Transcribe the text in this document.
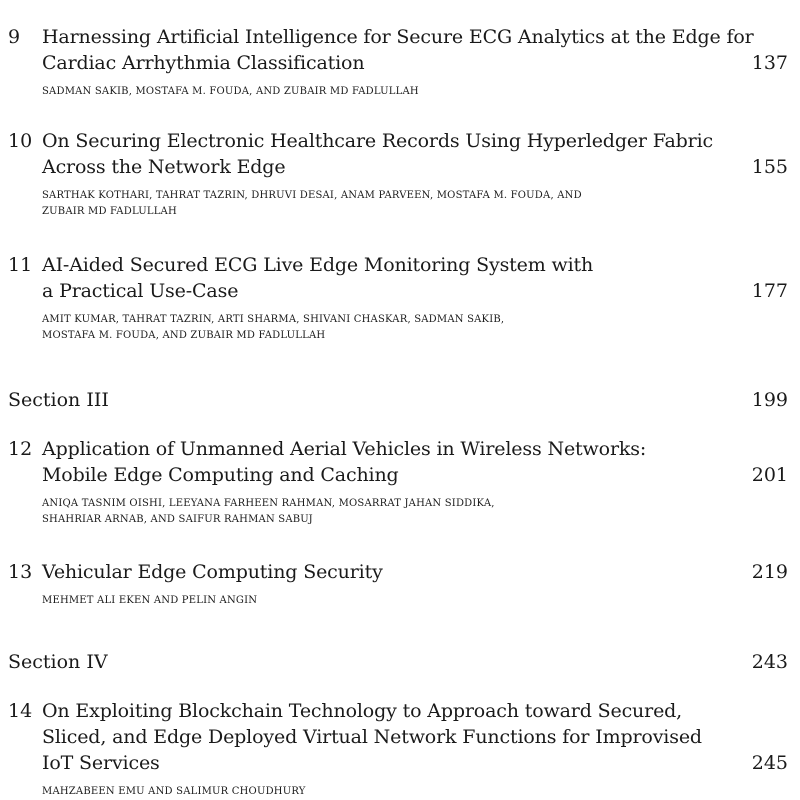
9 Harnessing Artificial Intelligence for Secure ECG Analytics at the Edge for
Cardiac Arrhythmia Classification	137
SADMAN SAKIB, MOSTAFA M. FOUDA, AND ZUBAIR MD FADLULLAH
10 On Securing Electronic Healthcare Records Using Hyperledger Fabric
Across the Network Edge	155
SARTHAK KOTHARI, TAHRAT TAZRIN, DHRUVI DESAI, ANAM PARVEEN, MOSTAFA M. FOUDA, AND
ZUBAIR MD FADLULLAH
11 AI-Aided Secured ECG Live Edge Monitoring System with
a Practical Use-Case	177
AMIT KUMAR, TAHRAT TAZRIN, ARTI SHARMA, SHIVANI CHASKAR, SADMAN SAKIB,
MOSTAFA M. FOUDA, AND ZUBAIR MD FADLULLAH
Section III	199
12 Application of Unmanned Aerial Vehicles in Wireless Networks:
Mobile Edge Computing and Caching	201
ANIQA TASNIM OISHI, LEEYANA FARHEEN RAHMAN, MOSARRAT JAHAN SIDDIKA,
SHAHRIAR ARNAB, AND SAIFUR RAHMAN SABUJ
13 Vehicular Edge Computing Security	219
MEHMET ALI EKEN AND PELIN ANGIN
Section IV	243
14 On Exploiting Blockchain Technology to Approach toward Secured,
Sliced, and Edge Deployed Virtual Network Functions for Improvised
IoT Services	245
MAHZABEEN EMU AND SALIMUR CHOUDHURY
